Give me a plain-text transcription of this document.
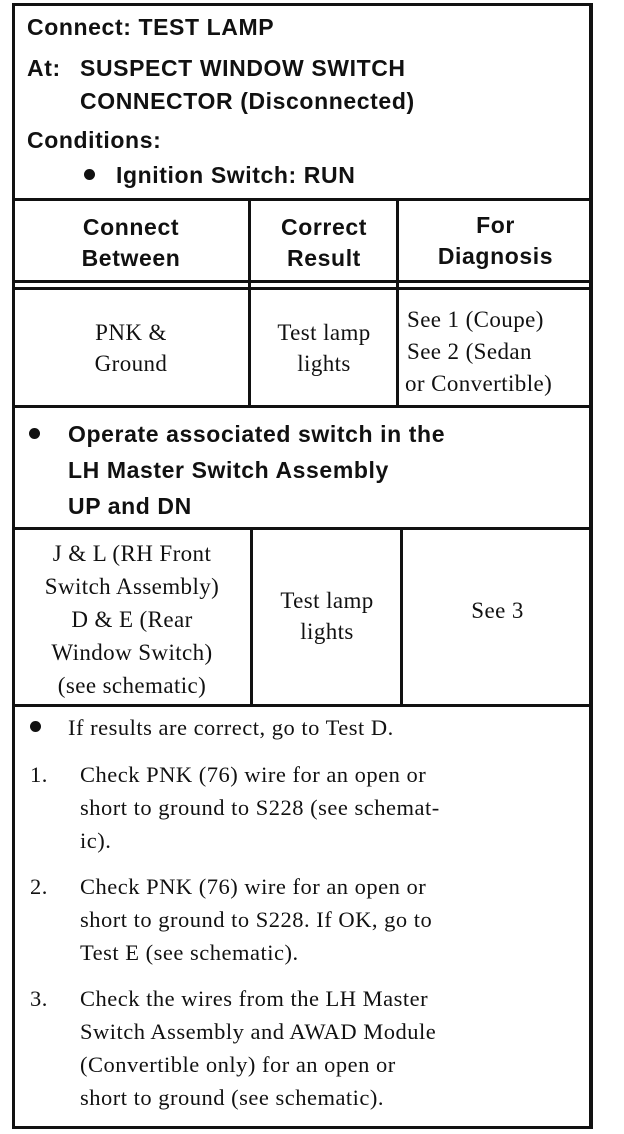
Connect: TEST LAMP
At: SUSPECT WINDOW SWITCH
CONNECTOR (Disconnected)
Conditions:
Ignition Switch: RUN
Connect
Between
Correct
Result
For
Diagnosis
PNK &
Ground
Test lamp
lights
See 1 (Coupe)
See 2 (Sedan
or Convertible)
Operate associated switch in the
LH Master Switch Assembly
UP and DN
J & L (RH Front
Switch Assembly)
D & E (Rear
Window Switch)
(see schematic)
Test lamp
lights
See 3
If results are correct, go to Test D.
1. Check PNK (76) wire for an open or
short to ground to S228 (see schemat-
ic).
2. Check PNK (76) wire for an open or
short to ground to S228. If OK, go to
Test E (see schematic).
3. Check the wires from the LH Master
Switch Assembly and AWAD Module
(Convertible only) for an open or
short to ground (see schematic).
